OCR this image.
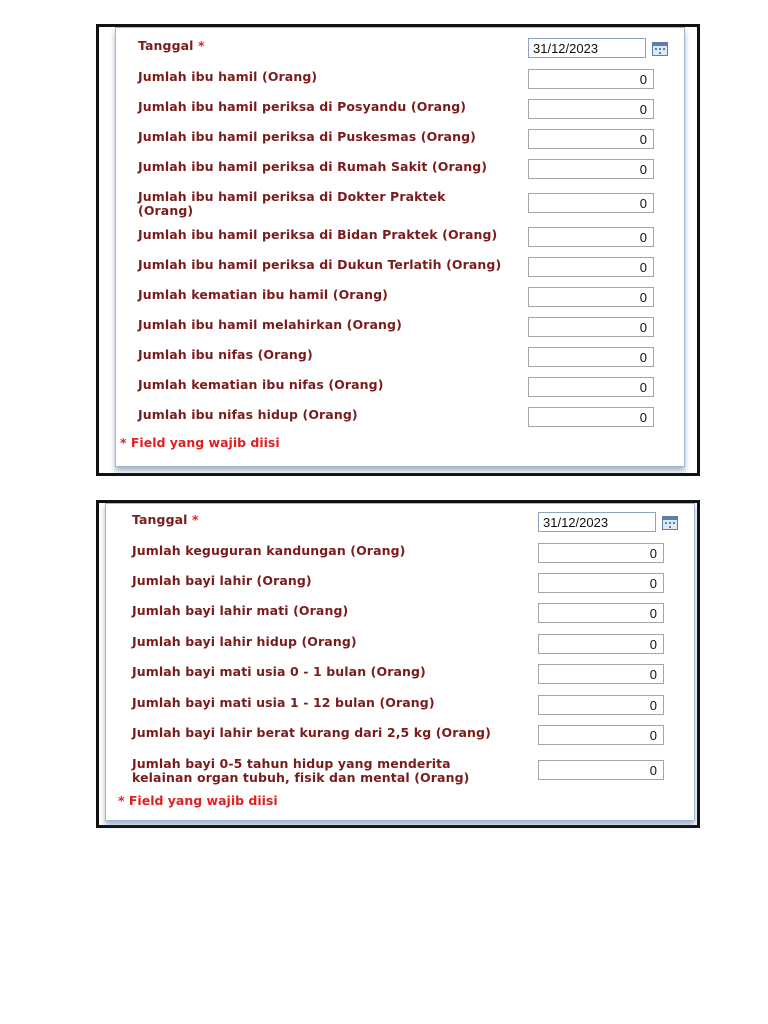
Tanggal *
31/12/2023
Jumlah ibu hamil (Orang)
0
Jumlah ibu hamil periksa di Posyandu (Orang)
0
Jumlah ibu hamil periksa di Puskesmas (Orang)
0
Jumlah ibu hamil periksa di Rumah Sakit (Orang)
0
Jumlah ibu hamil periksa di Dokter Praktek (Orang)
0
Jumlah ibu hamil periksa di Bidan Praktek (Orang)
0
Jumlah ibu hamil periksa di Dukun Terlatih (Orang)
0
Jumlah kematian ibu hamil (Orang)
0
Jumlah ibu hamil melahirkan (Orang)
0
Jumlah ibu nifas (Orang)
0
Jumlah kematian ibu nifas (Orang)
0
Jumlah ibu nifas hidup (Orang)
0
* Field yang wajib diisi
Tanggal *
31/12/2023
Jumlah keguguran kandungan (Orang)
0
Jumlah bayi lahir (Orang)
0
Jumlah bayi lahir mati (Orang)
0
Jumlah bayi lahir hidup (Orang)
0
Jumlah bayi mati usia 0 - 1 bulan (Orang)
0
Jumlah bayi mati usia 1 - 12 bulan (Orang)
0
Jumlah bayi lahir berat kurang dari 2,5 kg (Orang)
0
Jumlah bayi 0-5 tahun hidup yang menderita kelainan organ tubuh, fisik dan mental (Orang)
0
* Field yang wajib diisi
